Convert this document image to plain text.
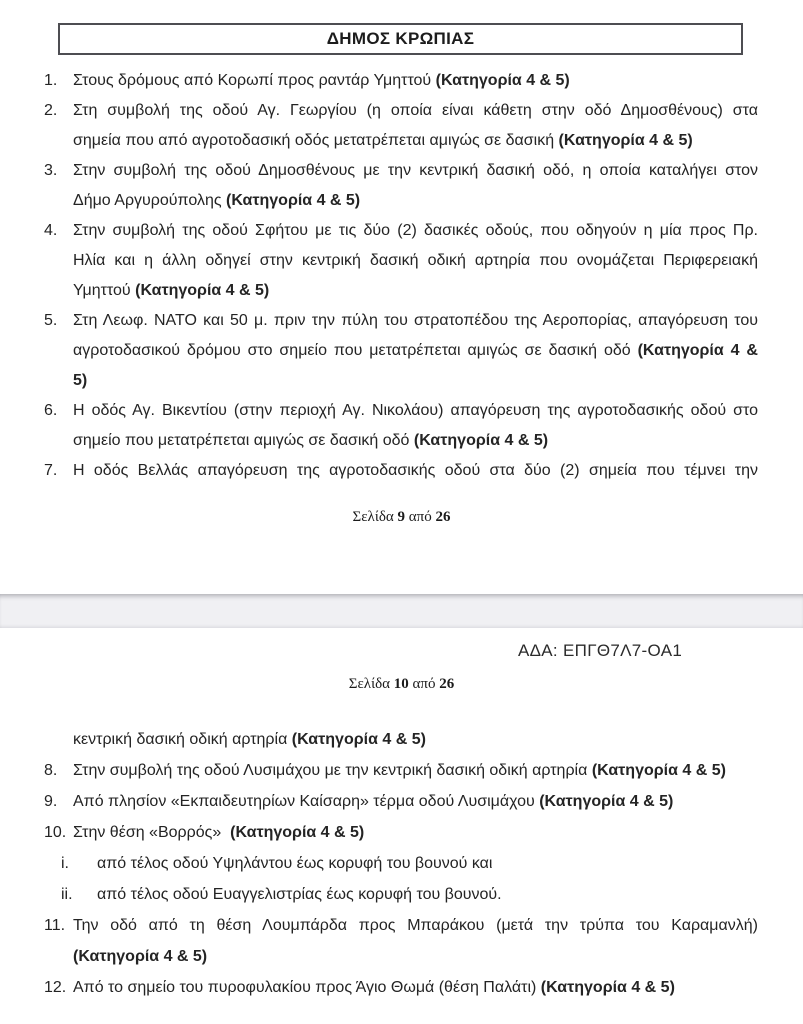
ΔΗΜΟΣ ΚΡΩΠΙΑΣ
1. Στους δρόμους από Κορωπί προς ραντάρ Υμηττού (Κατηγορία 4 & 5)
2. Στη συμβολή της οδού Αγ. Γεωργίου (η οποία είναι κάθετη στην οδό Δημοσθένους) στα
σημεία που από αγροτοδασική οδός μετατρέπεται αμιγώς σε δασική (Κατηγορία 4 & 5)
3. Στην συμβολή της οδού Δημοσθένους με την κεντρική δασική οδό, η οποία καταλήγει στον
Δήμο Αργυρούπολης (Κατηγορία 4 & 5)
4. Στην συμβολή της οδού Σφήτου με τις δύο (2) δασικές οδούς, που οδηγούν η μία προς Πρ.
Ηλία και η άλλη οδηγεί στην κεντρική δασική οδική αρτηρία που ονομάζεται Περιφερειακή
Υμηττού (Κατηγορία 4 & 5)
5. Στη Λεωφ. ΝΑΤΟ και 50 μ. πριν την πύλη του στρατοπέδου της Αεροπορίας, απαγόρευση του
αγροτοδασικού δρόμου στο σημείο που μετατρέπεται αμιγώς σε δασική οδό (Κατηγορία 4 &
5)
6. Η οδός Αγ. Βικεντίου (στην περιοχή Αγ. Νικολάου) απαγόρευση της αγροτοδασικής οδού στο
σημείο που μετατρέπεται αμιγώς σε δασική οδό (Κατηγορία 4 & 5)
7. Η οδός Βελλάς απαγόρευση της αγροτοδασικής οδού στα δύο (2) σημεία που τέμνει την
Σελίδα 9 από 26
ΑΔΑ: ΕΠΓΘ7Λ7-ΟΑ1
Σελίδα 10 από 26
κεντρική δασική οδική αρτηρία (Κατηγορία 4 & 5)
8. Στην συμβολή της οδού Λυσιμάχου με την κεντρική δασική οδική αρτηρία (Κατηγορία 4 & 5)
9. Από πλησίον «Εκπαιδευτηρίων Καίσαρη» τέρμα οδού Λυσιμάχου (Κατηγορία 4 & 5)
10. Στην θέση «Βορρός»  (Κατηγορία 4 & 5)
i.	από τέλος οδού Υψηλάντου έως κορυφή του βουνού και
ii.	από τέλος οδού Ευαγγελιστρίας έως κορυφή του βουνού.
11. Την οδό από τη θέση Λουμπάρδα προς Μπαράκου (μετά την τρύπα του Καραμανλή)
(Κατηγορία 4 & 5)
12. Από το σημείο του πυροφυλακίου προς Άγιο Θωμά (θέση Παλάτι) (Κατηγορία 4 & 5)
